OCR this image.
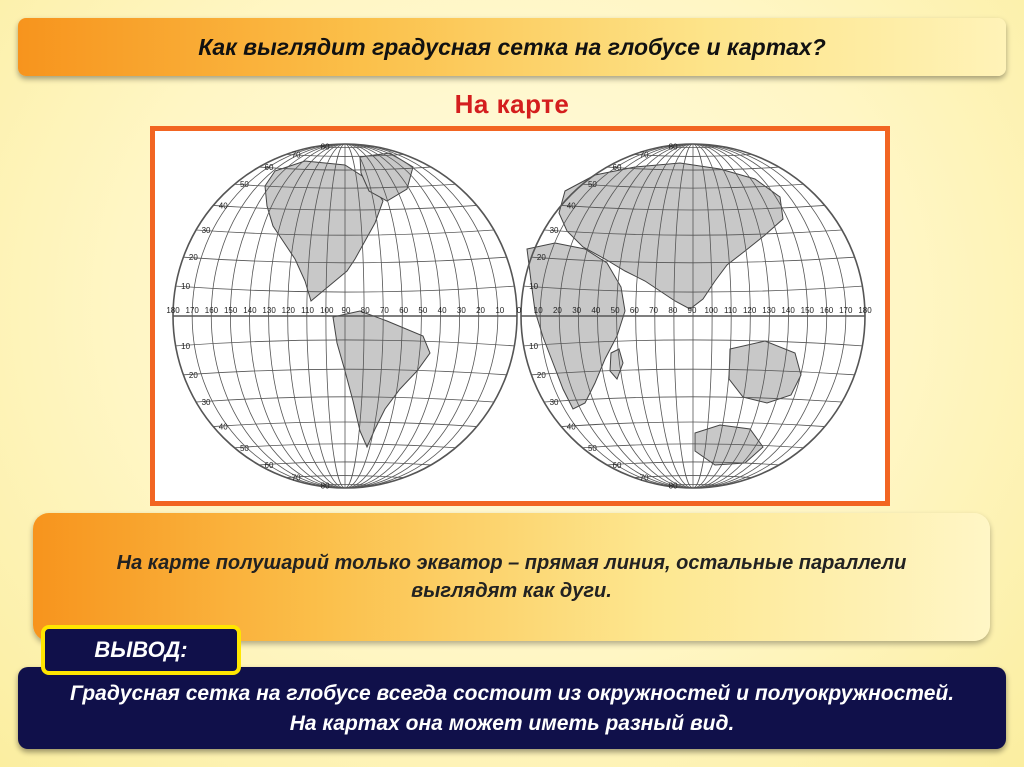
Как выглядит градусная сетка на глобусе и картах?
На карте
180 170 160 150 140 130 120 110 100 90 80 70 60 50 40 30 20 10 0 10 20 30 40 50 60 70 80 90 100 110 120 130 140 150 160 170 180
80
70
60
50
40
30
20
10
10
20
30
40
50
60
70
80
80
70
60
50
40
30
20
10
10
20
30
40
50
60
70
80
На карте полушарий только экватор – прямая линия, остальные параллели выглядят как дуги.
ВЫВОД:
Градусная сетка на глобусе всегда состоит из окружностей и полуокружностей. На картах она может иметь разный вид.
